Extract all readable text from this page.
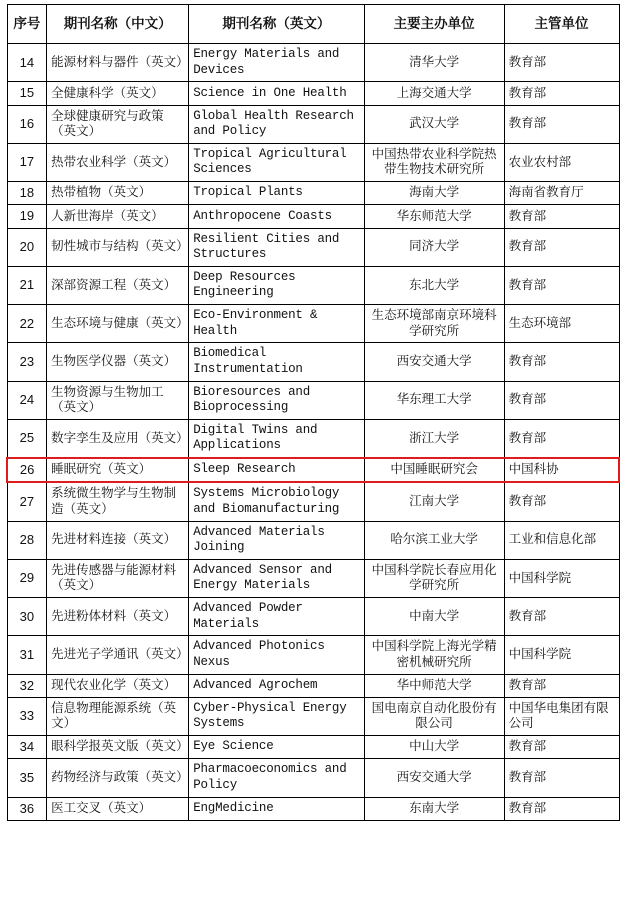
序号	期刊名称（中文）	期刊名称（英文）	主要主办单位	主管单位
14	能源材料与器件（英文）	Energy Materials and Devices	清华大学	教育部
15	全健康科学（英文）	Science in One Health	上海交通大学	教育部
16	全球健康研究与政策（英文）	Global Health Research and Policy	武汉大学	教育部
17	热带农业科学（英文）	Tropical Agricultural Sciences	中国热带农业科学院热带生物技术研究所	农业农村部
18	热带植物（英文）	Tropical Plants	海南大学	海南省教育厅
19	人新世海岸（英文）	Anthropocene Coasts	华东师范大学	教育部
20	韧性城市与结构（英文）	Resilient Cities and Structures	同济大学	教育部
21	深部资源工程（英文）	Deep Resources Engineering	东北大学	教育部
22	生态环境与健康（英文）	Eco-Environment & Health	生态环境部南京环境科学研究所	生态环境部
23	生物医学仪器（英文）	Biomedical Instrumentation	西安交通大学	教育部
24	生物资源与生物加工（英文）	Bioresources and Bioprocessing	华东理工大学	教育部
25	数字孪生及应用（英文）	Digital Twins and Applications	浙江大学	教育部
26	睡眠研究（英文）	Sleep Research	中国睡眠研究会	中国科协
27	系统微生物学与生物制造（英文）	Systems Microbiology and Biomanufacturing	江南大学	教育部
28	先进材料连接（英文）	Advanced Materials Joining	哈尔滨工业大学	工业和信息化部
29	先进传感器与能源材料（英文）	Advanced Sensor and Energy Materials	中国科学院长春应用化学研究所	中国科学院
30	先进粉体材料（英文）	Advanced Powder Materials	中南大学	教育部
31	先进光子学通讯（英文）	Advanced Photonics Nexus	中国科学院上海光学精密机械研究所	中国科学院
32	现代农业化学（英文）	Advanced Agrochem	华中师范大学	教育部
33	信息物理能源系统（英文）	Cyber-Physical Energy Systems	国电南京自动化股份有限公司	中国华电集团有限公司
34	眼科学报英文版（英文）	Eye Science	中山大学	教育部
35	药物经济与政策（英文）	Pharmacoeconomics and Policy	西安交通大学	教育部
36	医工交叉（英文）	EngMedicine	东南大学	教育部
